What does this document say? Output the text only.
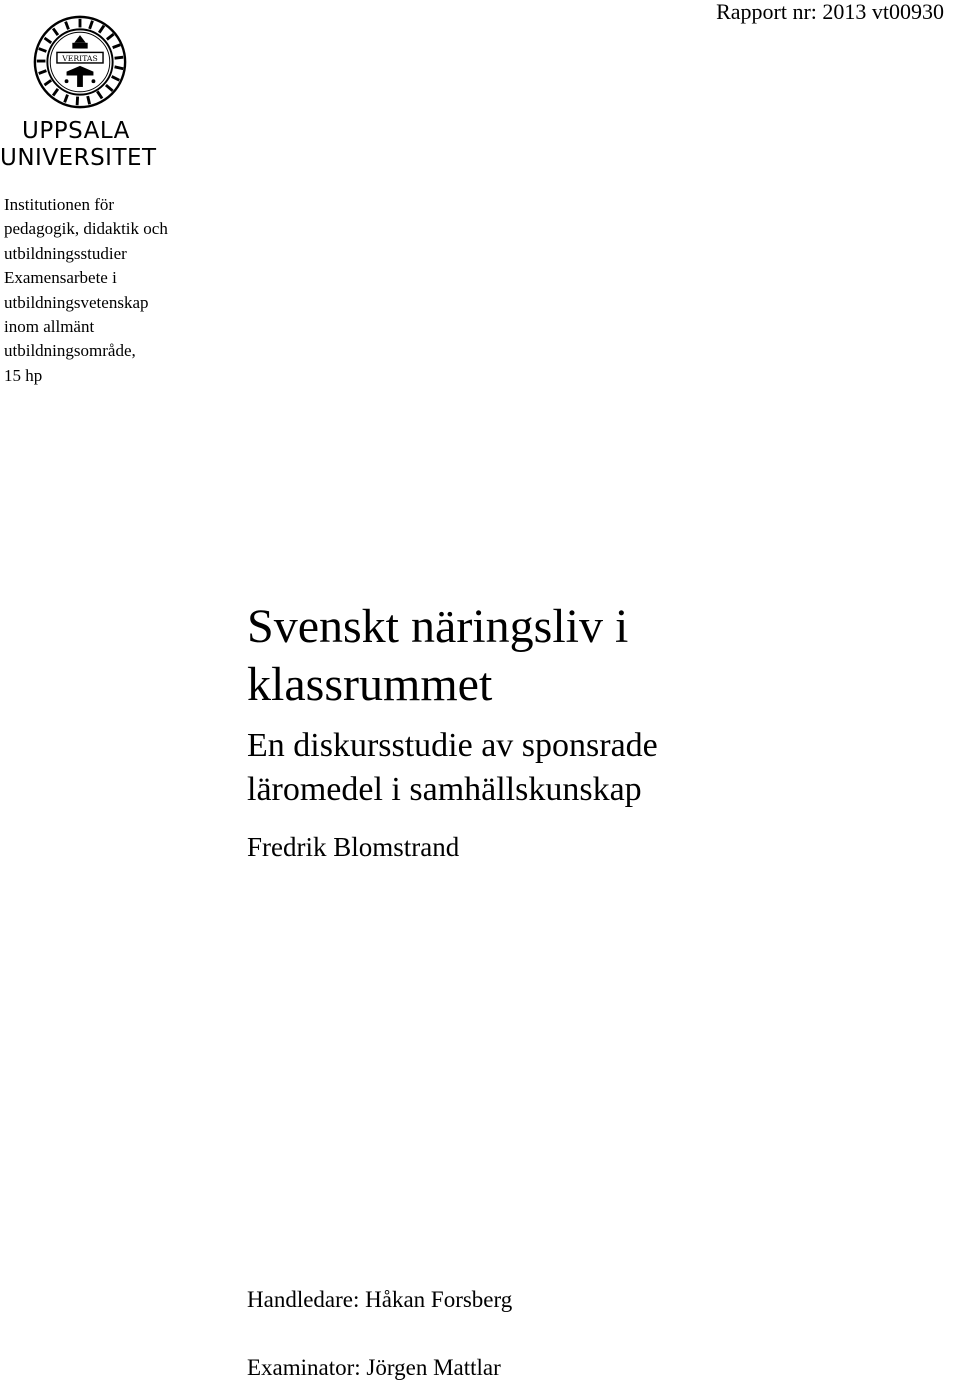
Rapport nr: 2013 vt00930
VERITAS
UPPSALA
UNIVERSITET
Institutionen för
pedagogik, didaktik och
utbildningsstudier
Examensarbete i
utbildningsvetenskap
inom allmänt
utbildningsområde,
15 hp
Svenskt näringsliv i
klassrummet
En diskursstudie av sponsrade
läromedel i samhällskunskap
Fredrik Blomstrand
Handledare: Håkan Forsberg
Examinator: Jörgen Mattlar
